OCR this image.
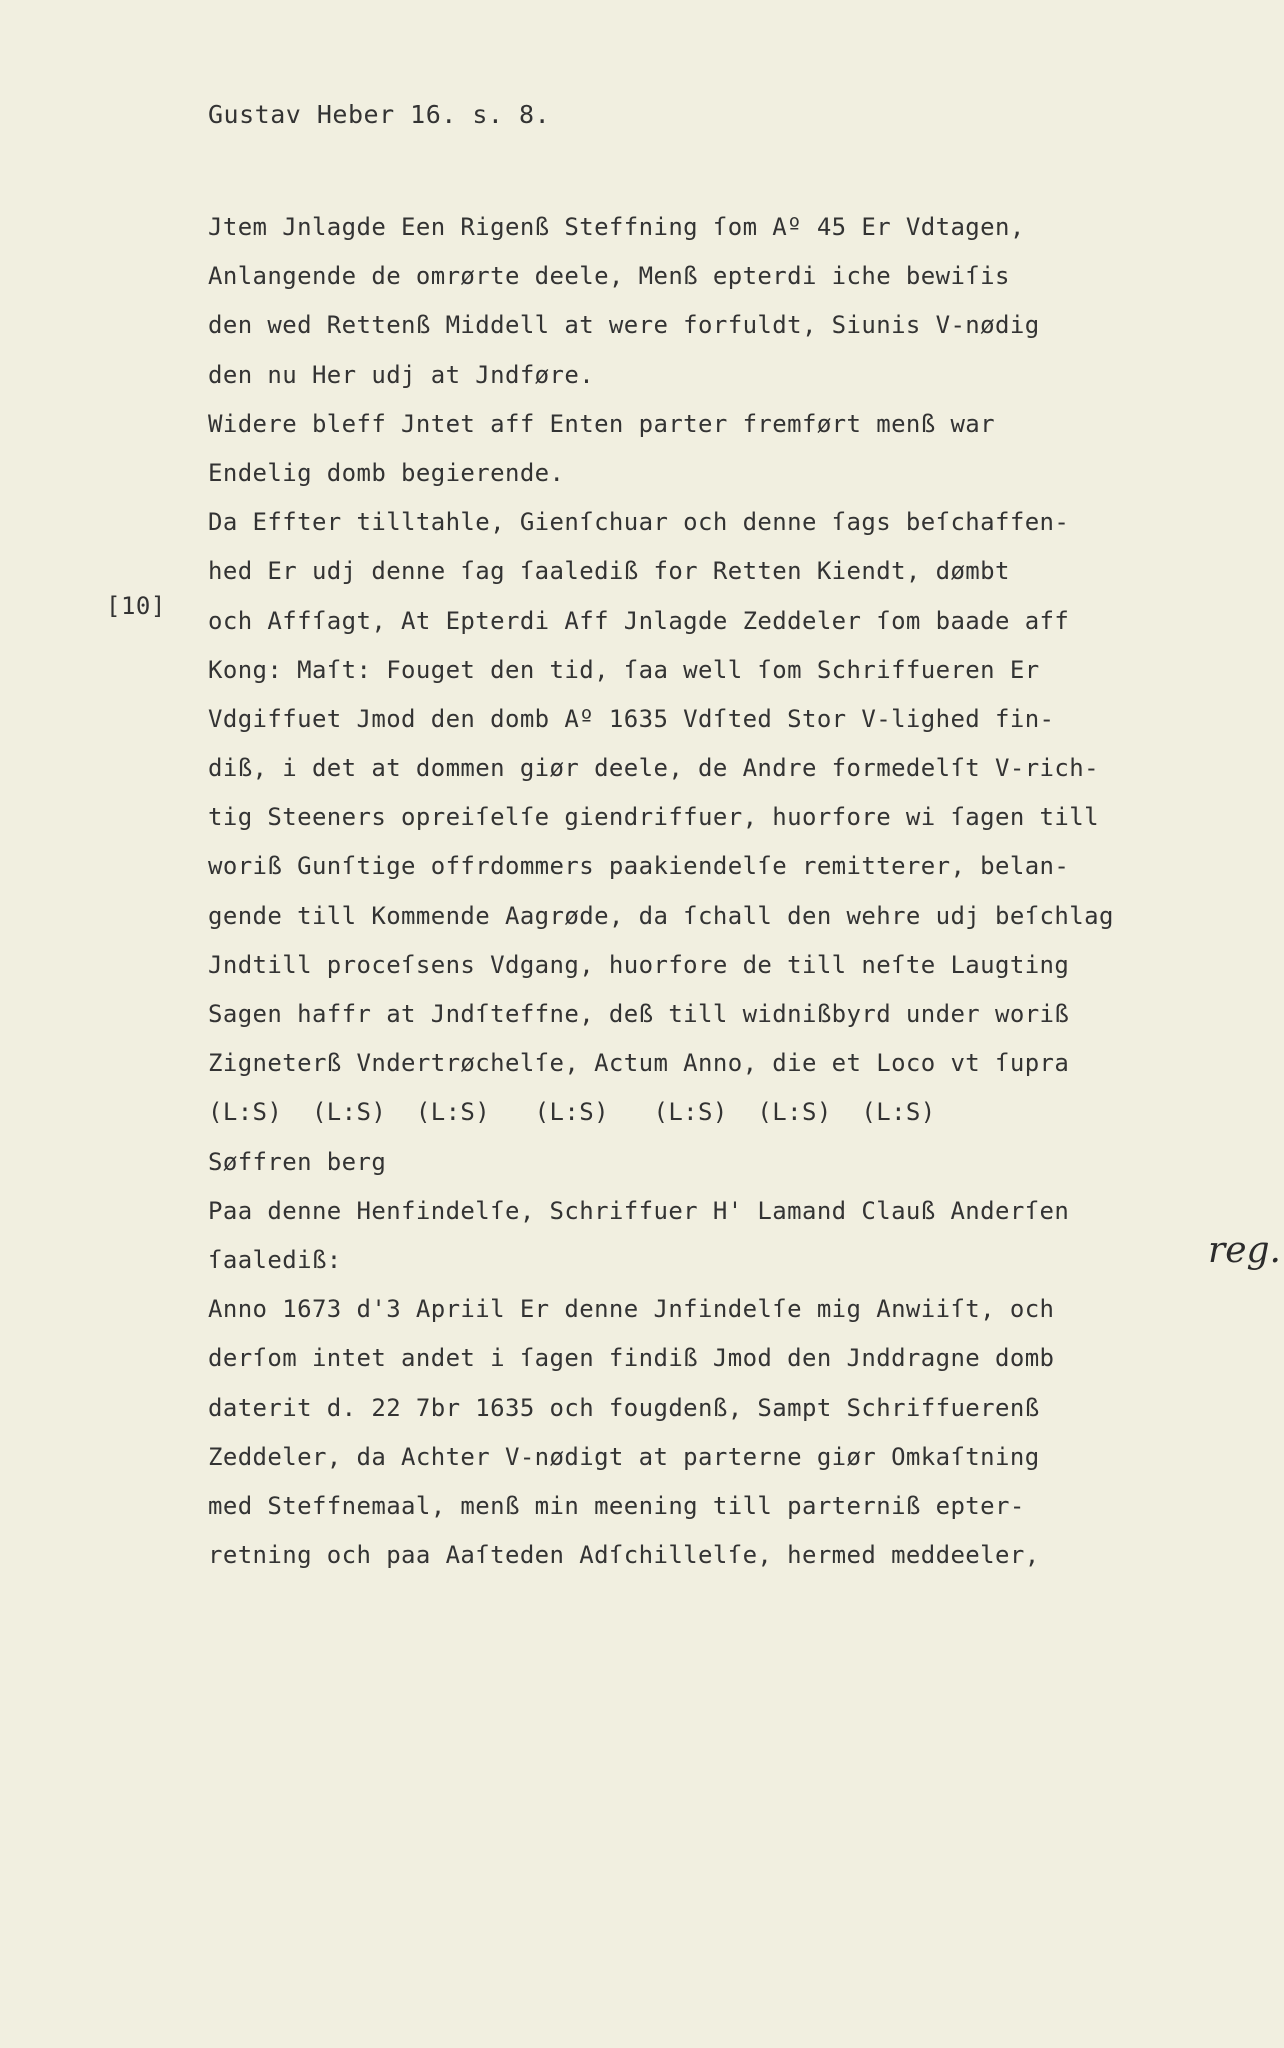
Gustav Heber 16. s. 8.
[10]
reg.
Jtem Jnlagde Een Rigenß Steffning ſom Aº 45 Er Vdtagen,
Anlangende de omrørte deele, Menß epterdi iche bewiſis
den wed Rettenß Middell at were forfuldt, Siunis V-nødig
den nu Her udj at Jndføre.
Widere bleff Jntet aff Enten parter fremført menß war
Endelig domb begierende.
Da Effter tilltahle, Gienſchuar och denne ſags beſchaffen-
hed Er udj denne ſag ſaalediß for Retten Kiendt, dømbt
och Affſagt, At Epterdi Aff Jnlagde Zeddeler ſom baade aff
Kong: Maſt: Fouget den tid, ſaa well ſom Schriffueren Er
Vdgiffuet Jmod den domb Aº 1635 Vdſted Stor V-lighed fin-
diß, i det at dommen giør deele, de Andre formedelſt V-rich-
tig Steeners opreiſelſe giendriffuer, huorfore wi ſagen till
woriß Gunſtige offrdommers paakiendelſe remitterer, belan-
gende till Kommende Aagrøde, da ſchall den wehre udj beſchlag
Jndtill proceſsens Vdgang, huorfore de till neſte Laugting
Sagen haffr at Jndſteffne, deß till widnißbyrd under woriß
Zigneterß Vndertrøchelſe, Actum Anno, die et Loco vt ſupra
(L:S)  (L:S)  (L:S)   (L:S)   (L:S)  (L:S)  (L:S)
Søffren berg
Paa denne Henfindelſe, Schriffuer H' Lamand Clauß Anderſen
ſaalediß:
Anno 1673 d'3 Apriil Er denne Jnfindelſe mig Anwiiſt, och
derſom intet andet i ſagen findiß Jmod den Jnddragne domb
daterit d. 22 7br 1635 och fougdenß, Sampt Schriffuerenß
Zeddeler, da Achter V-nødigt at parterne giør Omkaſtning
med Steffnemaal, menß min meening till parterniß epter-
retning och paa Aaſteden Adſchillelſe, hermed meddeeler,
